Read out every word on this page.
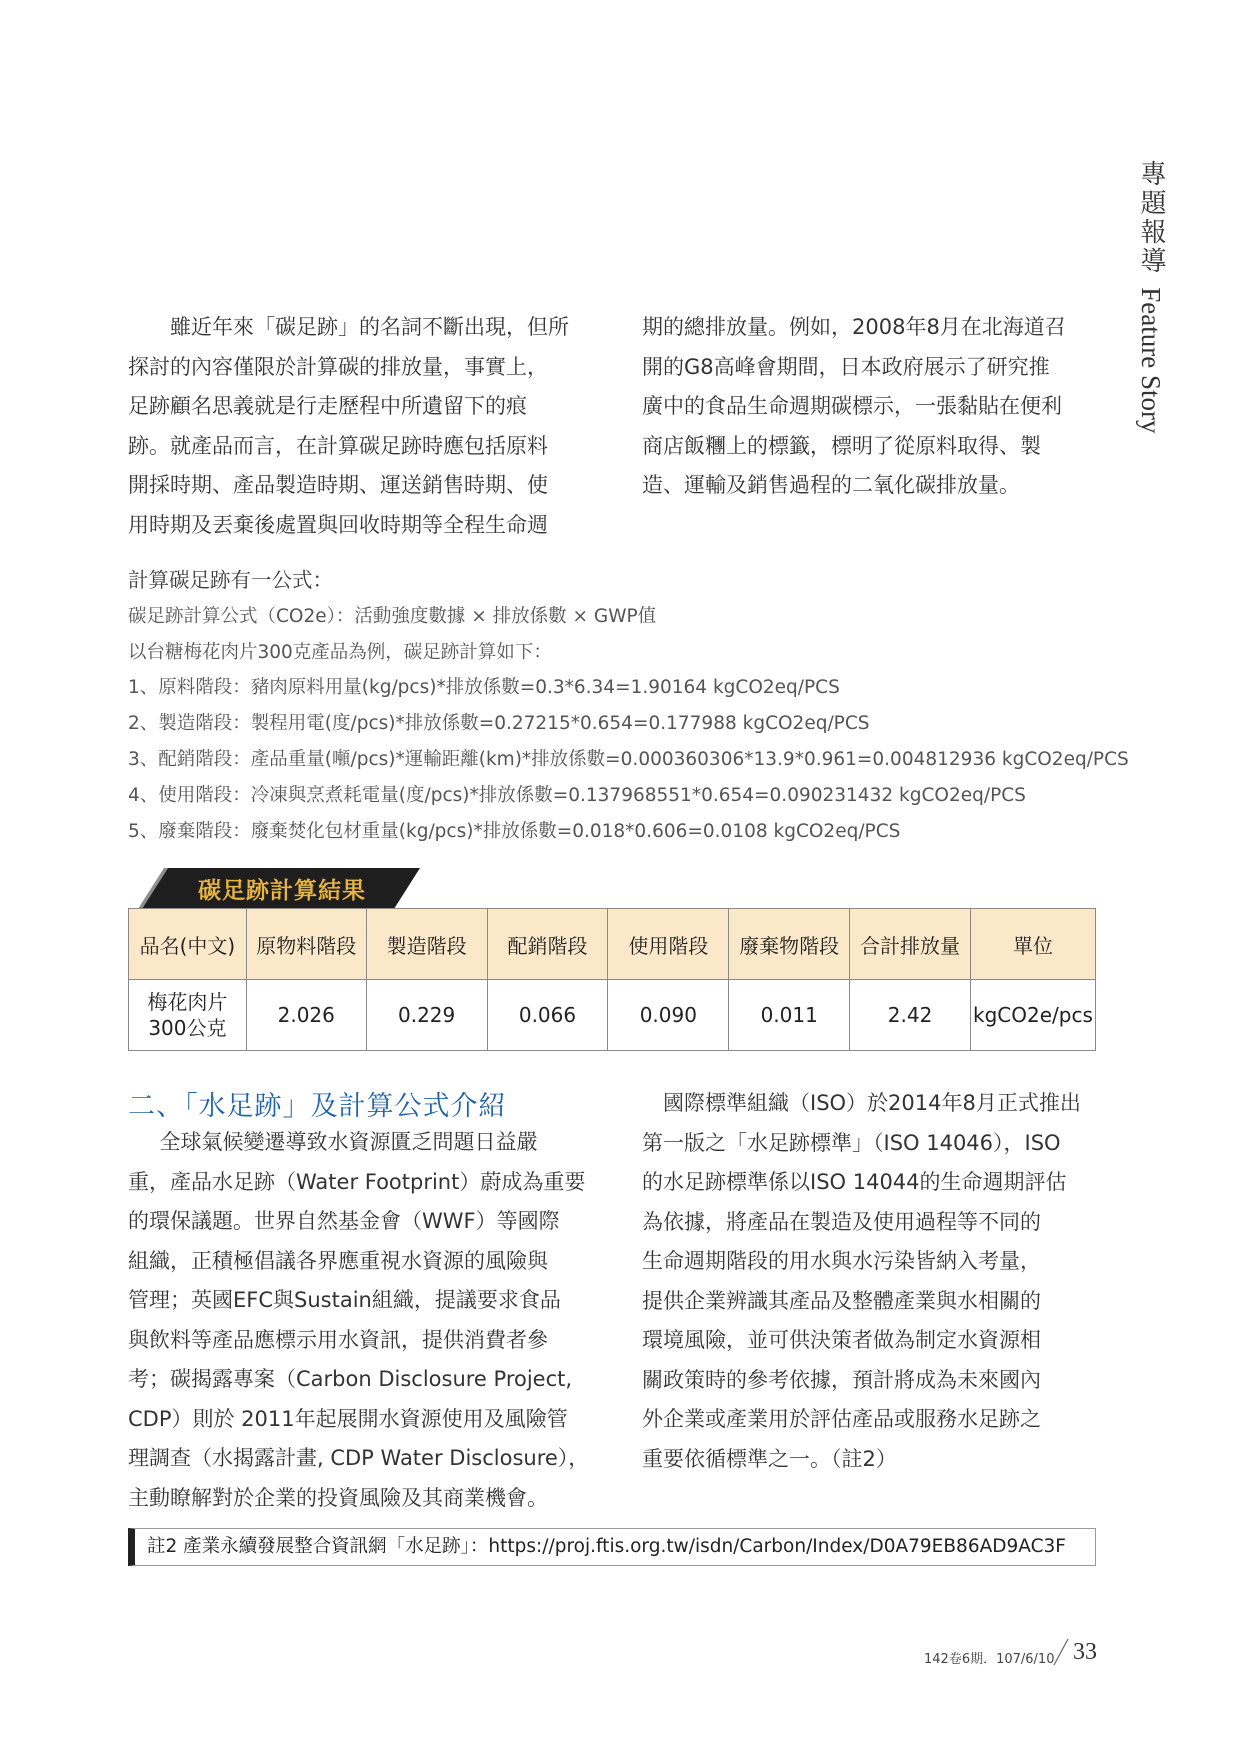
專題報導 Feature Story
雖近年來「碳足跡」的名詞不斷出現，但所
探討的內容僅限於計算碳的排放量，事實上，
足跡顧名思義就是行走歷程中所遺留下的痕
跡。就產品而言，在計算碳足跡時應包括原料
開採時期、產品製造時期、運送銷售時期、使
用時期及丟棄後處置與回收時期等全程生命週
期的總排放量。例如，2008年8月在北海道召
開的G8高峰會期間，日本政府展示了研究推
廣中的食品生命週期碳標示，一張黏貼在便利
商店飯糰上的標籤，標明了從原料取得、製
造、運輸及銷售過程的二氧化碳排放量。
計算碳足跡有一公式：
碳足跡計算公式（CO2e）：活動強度數據 × 排放係數 × GWP值
以台糖梅花肉片300克產品為例，碳足跡計算如下：
1、原料階段：豬肉原料用量(kg/pcs)*排放係數=0.3*6.34=1.90164 kgCO2eq/PCS
2、製造階段：製程用電(度/pcs)*排放係數=0.27215*0.654=0.177988 kgCO2eq/PCS
3、配銷階段：產品重量(噸/pcs)*運輸距離(km)*排放係數=0.000360306*13.9*0.961=0.004812936 kgCO2eq/PCS
4、使用階段：冷凍與烹煮耗電量(度/pcs)*排放係數=0.137968551*0.654=0.090231432 kgCO2eq/PCS
5、廢棄階段：廢棄焚化包材重量(kg/pcs)*排放係數=0.018*0.606=0.0108 kgCO2eq/PCS
碳足跡計算結果
品名(中文)	原物料階段	製造階段	配銷階段	使用階段	廢棄物階段	合計排放量	單位
梅花肉片
300公克	2.026	0.229	0.066	0.090	0.011	2.42	kgCO2e/pcs
二、「水足跡」及計算公式介紹
全球氣候變遷導致水資源匱乏問題日益嚴
重，產品水足跡（Water Footprint）蔚成為重要
的環保議題。世界自然基金會（WWF）等國際
組織，正積極倡議各界應重視水資源的風險與
管理；英國EFC與Sustain組織，提議要求食品
與飲料等產品應標示用水資訊，提供消費者參
考；碳揭露專案（Carbon Disclosure Project,
CDP）則於 2011年起展開水資源使用及風險管
理調查（水揭露計畫, CDP Water Disclosure），
主動瞭解對於企業的投資風險及其商業機會。
國際標準組織（ISO）於2014年8月正式推出
第一版之「水足跡標準」（ISO 14046），ISO
的水足跡標準係以ISO 14044的生命週期評估
為依據，將產品在製造及使用過程等不同的
生命週期階段的用水與水污染皆納入考量，
提供企業辨識其產品及整體產業與水相關的
環境風險，並可供決策者做為制定水資源相
關政策時的參考依據，預計將成為未來國內
外企業或產業用於評估產品或服務水足跡之
重要依循標準之一。（註2）
註2 產業永續發展整合資訊網「水足跡」：https://proj.ftis.org.tw/isdn/Carbon/Index/D0A79EB86AD9AC3F
142卷6期．107/6/10 33
